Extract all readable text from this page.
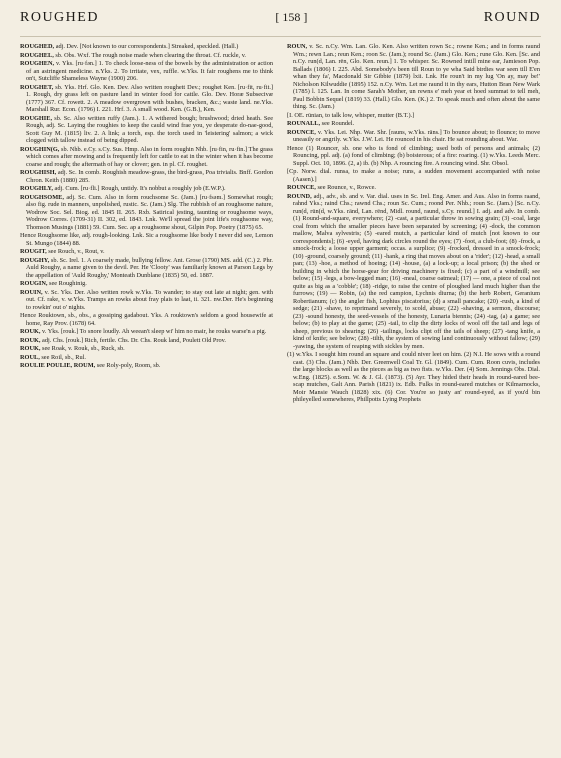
ROUGHED	[ 158 ]	ROUND

ROUGHED, adj. Dev. [Not known to our correspondents.] Streaked, speckled. (Hall.)

ROUGHEL, sb. Obs. Wxf. The rough noise made when clearing the throat. Cf. ruckle, v.

ROUGHEN, v. Yks. [ru·fən.] 1. To check loose-ness of the bowels by the administration or action of an astringent medicine. n.Yks. 2. To irritate, vex, ruffle. w.Yks. It fair roughens me to think on't, Sutcliffe Shameless Wayne (1900) 206.

ROUGHET, sb. Yks. Hrf. Glo. Ken. Dev. Also written roughett Dev.; roughet Ken. [ru·fit, ru·fit.] 1. Rough, dry grass left on pasture land in winter food for cattle. Glo. Dev. Horæ Subsecivæ (1777) 367. Cf. rowett. 2. A meadow overgrown with bushes, bracken, &c.; waste land. ne.Yks. Marshall Rur. Econ. (1796) I. 221. Hrf. 3. A small wood. Ken. (G.B.), Ken.

ROUGHIE, sb. Sc. Also written ruffy (Jam.). 1. A withered bough; brushwood; dried heath. See Rough, adj. Sc. Laying the roughies to keep the cauld wind frae you, ye desperate do-nae-good, Scott Guy M. (1815) liv. 2. A link; a torch, esp. the torch used in 'leistering' salmon; a wick clogged with tallow instead of being dipped.

ROUGHIN(G, sb. Nhb. e.Cy. s.Cy. Sus. Hmp. Also in form roughin Nhb. [ru·fin, ru·fin.] The grass which comes after mowing and is frequently left for cattle to eat in the winter when it has become coarse and rough; the aftermath of hay or clover; gen. in pl. Cf. roughet.

ROUGHISH, adj. Sc. In comb. Roughish meadow-grass, the bird-grass, Poa trivialis. Bnff. Gordon Chron. Keith (1880) 285.

ROUGHLY, adj. Cum. [ru·fli.] Rough, untidy. It's nobbut a roughly job (E.W.P.).

ROUGHSOME, adj. Sc. Cum. Also in form rouchsome Sc. (Jam.) [ru·fsəm.] Somewhat rough; also fig. rude in manners, unpolished, rustic. Sc. (Jam.) Slg. The rubbish of an roughsome nature, Wodrow Soc. Sel. Biog. ed. 1845 II. 265. Rxb. Satirical jesting, taunting or roughsome ways, Wodrow Corres. (1709-31) II. 302, ed. 1843. Lnk. We'll spread the joint life's roughsome way, Thomson Musings (1881) 59. Cum. Sec. ap a roughsome shout, Gilpin Pop. Poetry (1875) 65.

Hence Roughsome like, adj. rough-looking. Lnk. Sic a roughsome like body I never did see, Lemon St. Mungo (1844) 88.

ROUGIT, see Rouch, v., Rout, v.

ROUGHY, sb. Sc. Irel. 1. A coarsely made, bullying fellow. Ant. Grose (1790) MS. add. (C.) 2. Phr. Auld Roughy, a name given to the devil. Per. He 'Clooty' was familiarly known at Parson Legs by the appellation of 'Auld Roughy,' Monteath Dunblane (1835) 50, ed. 1887.

ROUGIN, see Roughinig.

ROUIN, v. Sc. Yks. Der. Also written rowk w.Yks. To wander; to stay out late at night; gen. with out. Cf. rake, v. w.Yks. Tramps an rowks about fray plais to laat, ii. 321. nw.Der. He's beginning to rowkin' out o' nights.

Hence Rouktown, sb., obs., a gossiping gadabout. Yks. A rouktown's seldom a good housewife at home, Ray Prov. (1678) 64.

ROUK, v. Yks. [rouk.] To snore loudly. Ah weean't sleep wi' him no mair, he rouks warse'n a pig.

ROUK, adj. Chs. [rouk.] Rich, fertile. Chs. Dr. Chs. Rouk land, Poulett Old Prov.

ROUK, see Roak, v. Rouk, sb., Ruck, sb.

ROUL, see Roil, sb., Rul.

ROULIE POULIE, ROUM, see Roly-poly, Room, sb.

ROUN, v. Sc. n.Cy. Wm. Lan. Glo. Ken. Also written rown Sc.; rowne Ken.; and in forms raund Wm.; rewn Lan.; reun Ken.; roon Sc. (Jam.); round Sc. (Jam.) Glo. Ken.; rune Glo. Ken. [Sc. and n.Cy. run(d, Lan. rēn, Glo. Ken. reun.] 1. To whisper. Sc. Rowned intill mine ear, Jamieson Pop. Ballads (1806) I. 225. Abd. Somebody's been till Roun to ye wha Said birdies war seen till E'en whan they fa', Macdonald Sir Gibbie (1879) lxii. Lnk. He roun't in my lug 'On ay, may be!' Nicholson Kilwuddie (1895) 152. n.Cy. Wm. Let me raund it in thy ears, Hutton Bran New Wark (1785) l. 125. Lan. In come Sarah's Mother, un rewns e' meh year et hoed summat to tell meh, Paul Bobbin Sequel (1819) 33. (Hall.) Glo. Ken. (K.) 2. To speak much and often about the same thing. Sc. (Jam.)

[I. OE. rūnian, to talk low, whisper, mutter (B.T.).]

ROUNALL, see Roundel.

ROUNCE, v. Yks. Lei. Nhp. War. Shr. [rauns, w.Yks. räns.] To bounce about; to flounce; to move uneasily or angrily. w.Yks. J.W. Lei. He rounced in his chair. He sat rounding about. War.

Hence (1) Rouncer, sb. one who is fond of climbing; used both of persons and animals; (2) Rouncing, ppl. adj. (a) fond of climbing; (b) boisterous; of a fire: roaring. (1) w.Yks. Leeds Merc. Suppl. Oct. 10, 1896. (2, a) ib. (b) Nhp. A rouncing fire. A rouncing wind. Shr. Obsol.

[Cp. Norw. dial. runsa, to make a noise; runs, a sudden movement accompanied with noise (Aasen).]

ROUNCE, see Rounce, v., Rowce.

ROUND, adj., adv., sb. and v. Var. dial. uses in Sc. Irel. Eng. Amer. and Aus. Also in forms raand, rahnd Yks.; raind Chs.; rawnd Chs.; roun Sc. Cum.; roond Per. Nhb.; roun Sc. (Jam.) [Sc. n.Cy. run(d, rūn(d, w.Yks. rānd, Lan. rēnd, Midl. round, raund, s.Cy. reund.] I. adj. and adv. In comb. (1) Round-and-square, everywhere; (2) -cast, a particular throw in sowing grain; (3) -coal, large coal from which the smaller pieces have been separated by screening; (4) -dock, the common mallow, Malva sylvestris; (5) -eared mutch, a particular kind of mutch [not known to our correspondents]; (6) -eyed, having dark circles round the eyes; (7) -foot, a club-foot; (8) -frock, a smock-frock; a loose upper garment; occas. a surplice; (9) -frocked, dressed in a smock-frock; (10) -ground, coarsely ground; (11) -hank, a ring that moves about on a 'rider'; (12) -head, a small pan; (13) -hoe, a method of hoeing; (14) -house, (a) a lock-up; a local prison; (b) the shed or building in which the horse-gear for driving machinery is fixed; (c) a part of a windmill; see below; (15) -legs, a bow-legged man; (16) -meal, coarse oatmeal; (17) — one, a piece of coal not quite as big as a 'cobble'; (18) -ridge, to raise the centre of ploughed land much higher than the furrows; (19) — Robin, (a) the red campion, Lychnis diurna; (b) the herb Robert, Geranium Robertianum; (c) the angler fish, Lophius piscatorius; (d) a small pancake; (20) -rush, a kind of sedge; (21) -shave, to reprimand severely, to scold, abuse; (22) -shaving, a sermon, discourse; (23) -sound honesty, the seed-vessels of the honesty, Lunaria biennis; (24) -tag, (a) a game; see below; (b) to play at the game; (25) -tail, to clip the dirty locks of wool off the tail and legs of sheep, previous to shearing; (26) -tailings, locks clipt off the tails of sheep; (27) -tang knife, a kind of knife; see below; (28) -tilth, the system of sowing land continuously without fallow; (29) -yawing, the system of reaping with sickles by men.

(1) w.Yks. I sought him round an square and could niver leet on him. (2) N.I. He sows with a round cast. (3) Chs. (Jam.) Nhb. Der. Greenwell Coal Tr. Gl. (1849). Cum. Cum. Roon cuvis, includes the large blocks as well as the pieces as big as two fists. w.Yks. Der. (4) Som. Jennings Obs. Dial. w.Eng. (1825). e.Som. W. & J. Gl. (1873). (5) Ayr. They hided their heads in round-eared bee-scap mutches, Galt Ann. Parish (1821) ix. Edb. Fulks in round-eared mutches or Kilmarnocks, Moir Mansie Wauch (1828) xix. (6) Cor. You're so justy an' round-eyed, as if you'd bin phileyelled somewheres, Phillpotts Lying Prophets
